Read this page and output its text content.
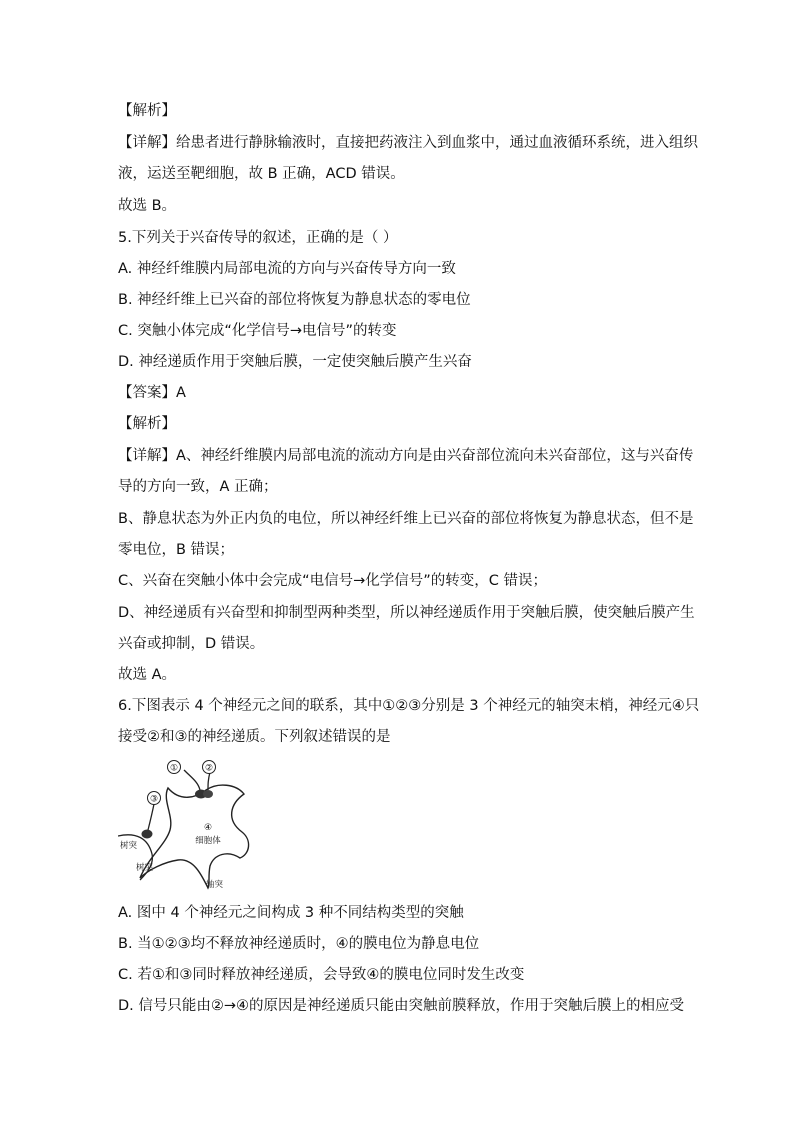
【解析】
【详解】给患者进行静脉输液时，直接把药液注入到血浆中，通过血液循环系统，进入组织
液，运送至靶细胞，故 B 正确，ACD 错误。
故选 B。
5.下列关于兴奋传导的叙述，正确的是（ ）
A. 神经纤维膜内局部电流的方向与兴奋传导方向一致
B. 神经纤维上已兴奋的部位将恢复为静息状态的零电位
C. 突触小体完成“化学信号→电信号”的转变
D. 神经递质作用于突触后膜，一定使突触后膜产生兴奋
【答案】A
【解析】
【详解】A、神经纤维膜内局部电流的流动方向是由兴奋部位流向未兴奋部位，这与兴奋传
导的方向一致，A 正确；
B、静息状态为外正内负的电位，所以神经纤维上已兴奋的部位将恢复为静息状态，但不是
零电位，B 错误；
C、兴奋在突触小体中会完成“电信号→化学信号”的转变，C 错误；
D、神经递质有兴奋型和抑制型两种类型，所以神经递质作用于突触后膜，使突触后膜产生
兴奋或抑制，D 错误。
故选 A。
6.下图表示 4 个神经元之间的联系，其中①②③分别是 3 个神经元的轴突末梢，神经元④只
接受②和③的神经递质。下列叙述错误的是
①	②
③
④
细胞体
树突
树突
轴突
A. 图中 4 个神经元之间构成 3 种不同结构类型的突触
B. 当①②③均不释放神经递质时，④的膜电位为静息电位
C. 若①和③同时释放神经递质，会导致④的膜电位同时发生改变
D. 信号只能由②→④的原因是神经递质只能由突触前膜释放，作用于突触后膜上的相应受
